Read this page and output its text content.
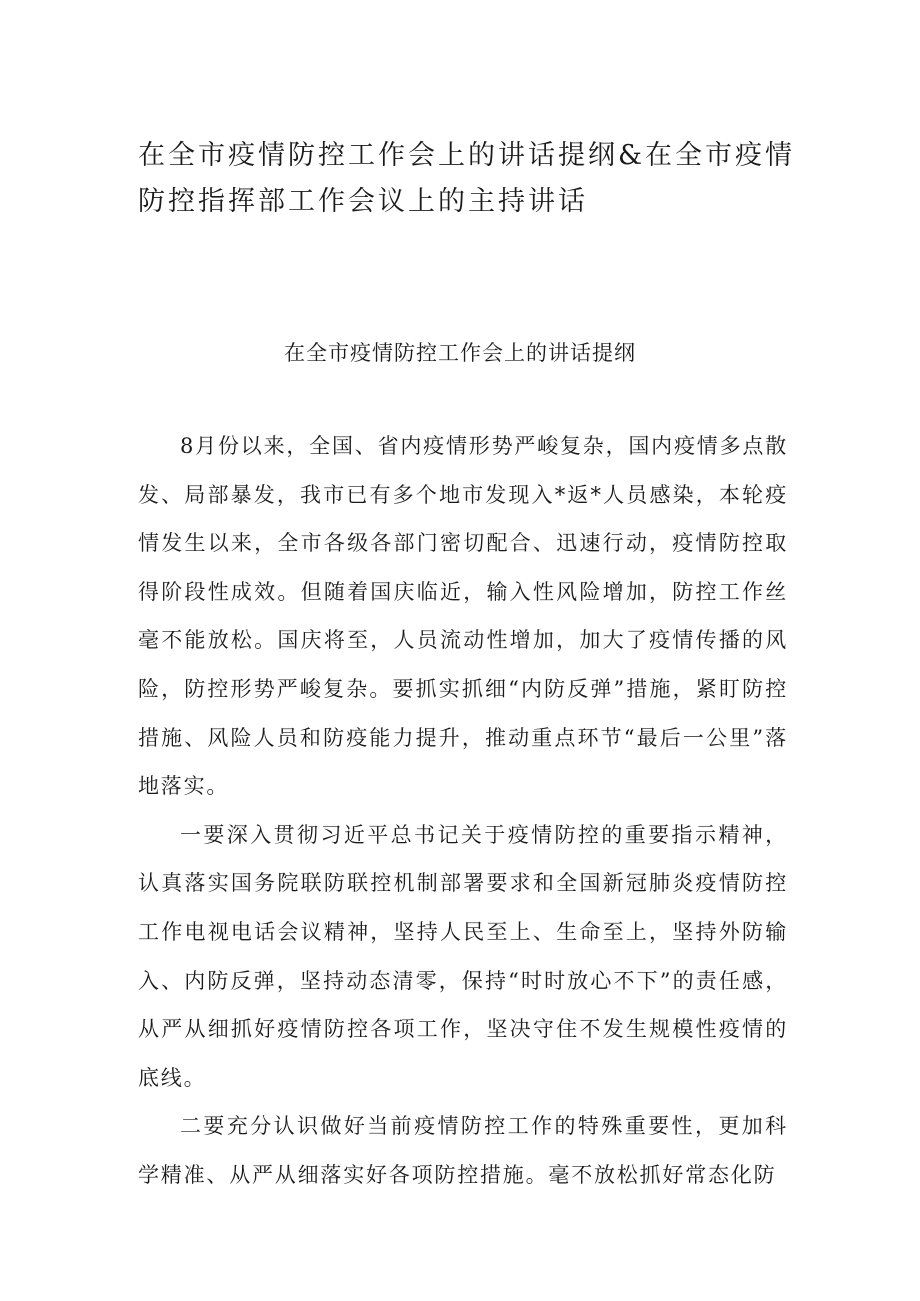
在全市疫情防控工作会上的讲话提纲&在全市疫情防控指挥部工作会议上的主持讲话
在全市疫情防控工作会上的讲话提纲

8月份以来，全国、省内疫情形势严峻复杂，国内疫情多点散发、局部暴发，我市已有多个地市发现入*返*人员感染，本轮疫情发生以来，全市各级各部门密切配合、迅速行动，疫情防控取得阶段性成效。但随着国庆临近，输入性风险增加，防控工作丝毫不能放松。国庆将至，人员流动性增加，加大了疫情传播的风险，防控形势严峻复杂。要抓实抓细“内防反弹”措施，紧盯防控措施、风险人员和防疫能力提升，推动重点环节“最后一公里”落地落实。

一要深入贯彻习近平总书记关于疫情防控的重要指示精神，认真落实国务院联防联控机制部署要求和全国新冠肺炎疫情防控工作电视电话会议精神，坚持人民至上、生命至上，坚持外防输入、内防反弹，坚持动态清零，保持“时时放心不下”的责任感，从严从细抓好疫情防控各项工作，坚决守住不发生规模性疫情的底线。

二要充分认识做好当前疫情防控工作的特殊重要性，更加科学精准、从严从细落实好各项防控措施。毫不放松抓好常态化防
